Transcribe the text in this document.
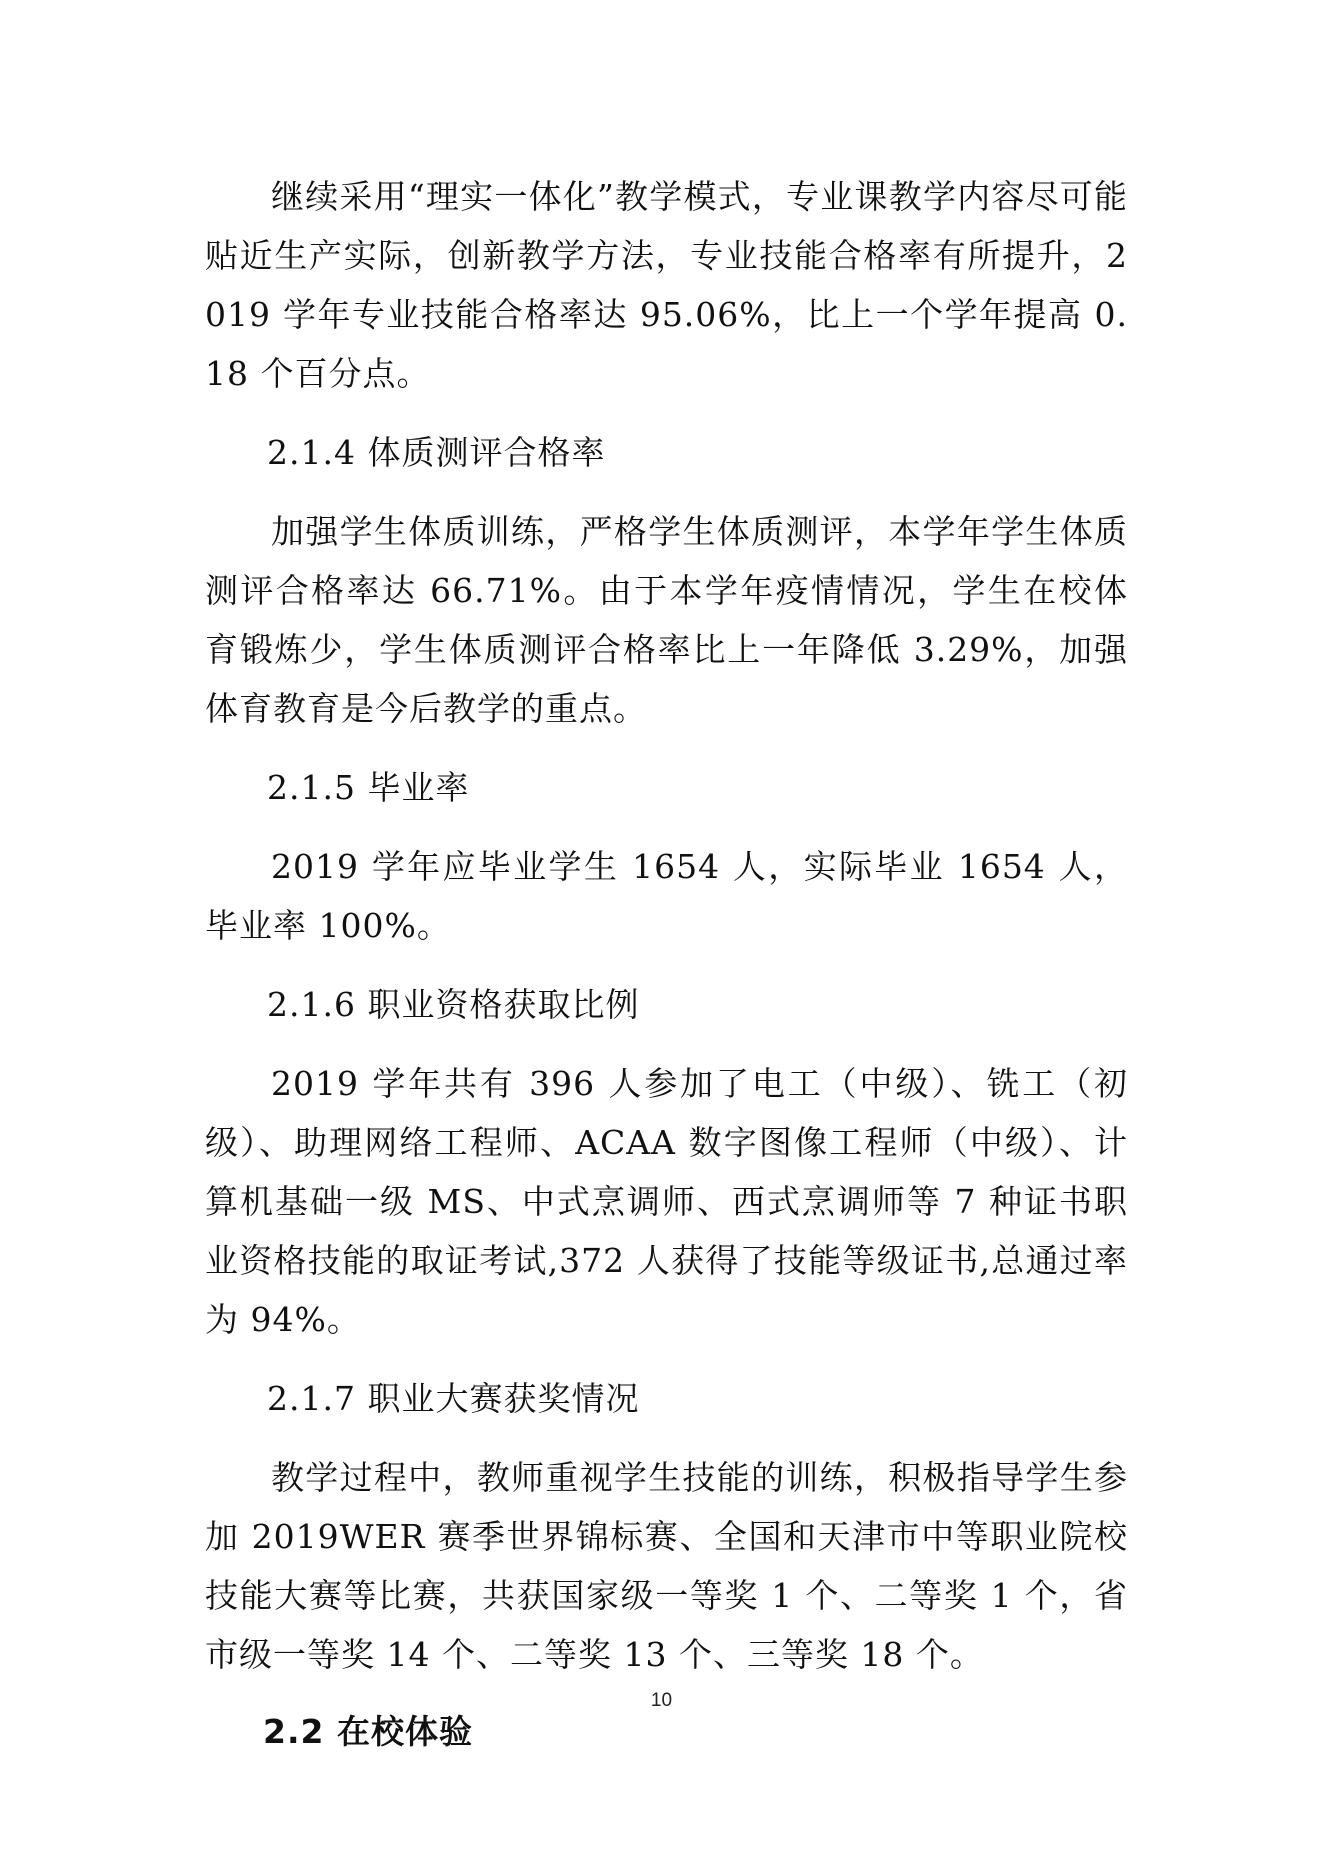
继续采用“理实一体化”教学模式，专业课教学内容尽可能贴近生产实际，创新教学方法，专业技能合格率有所提升，2019 学年专业技能合格率达 95.06%，比上一个学年提高 0.18 个百分点。

2.1.4 体质测评合格率

加强学生体质训练，严格学生体质测评，本学年学生体质测评合格率达 66.71%。由于本学年疫情情况，学生在校体育锻炼少，学生体质测评合格率比上一年降低 3.29%，加强体育教育是今后教学的重点。

2.1.5 毕业率

2019 学年应毕业学生 1654 人，实际毕业 1654 人，毕业率 100%。

2.1.6 职业资格获取比例

2019 学年共有 396 人参加了电工（中级）、铣工（初级）、助理网络工程师、ACAA 数字图像工程师（中级）、计算机基础一级 MS、中式烹调师、西式烹调师等 7 种证书职业资格技能的取证考试,372 人获得了技能等级证书,总通过率为 94%。

2.1.7 职业大赛获奖情况

教学过程中，教师重视学生技能的训练，积极指导学生参加 2019WER 赛季世界锦标赛、全国和天津市中等职业院校技能大赛等比赛，共获国家级一等奖 1 个、二等奖 1 个，省市级一等奖 14 个、二等奖 13 个、三等奖 18 个。

2.2 在校体验

10
